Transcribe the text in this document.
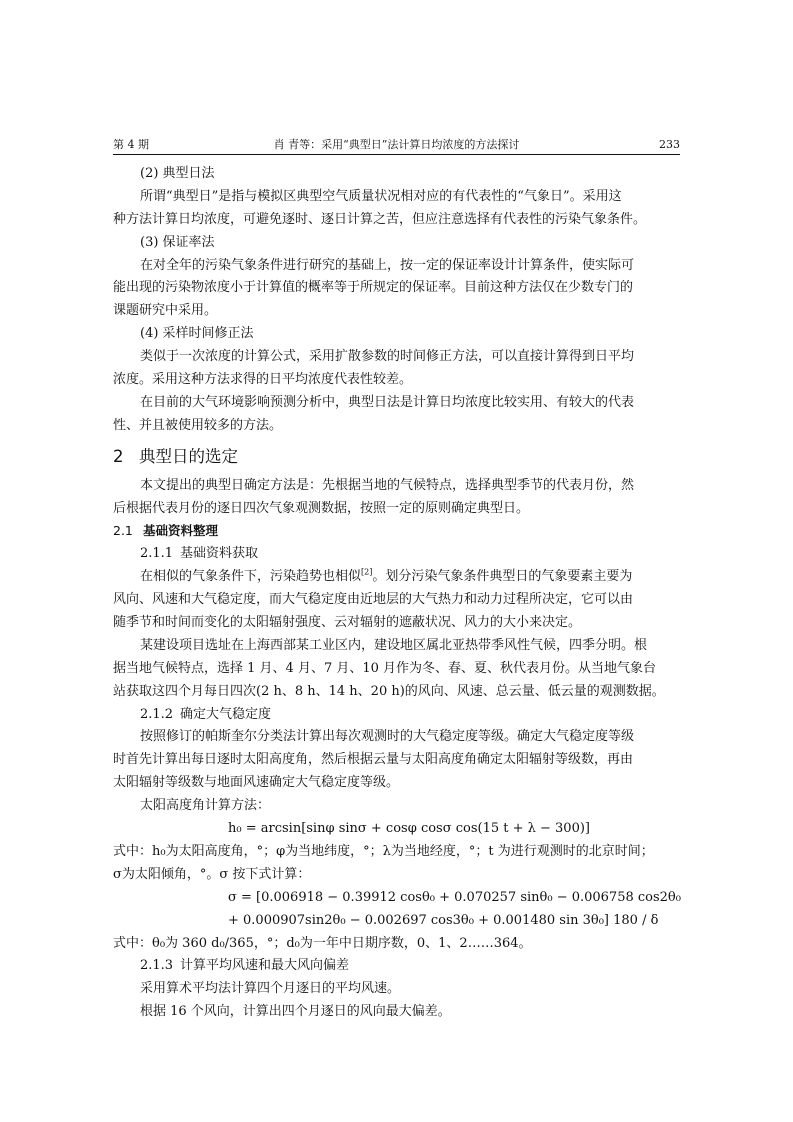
第 4 期	肖 青等：采用“典型日”法计算日均浓度的方法探讨	233
(2) 典型日法
所谓“典型日”是指与模拟区典型空气质量状况相对应的有代表性的“气象日”。采用这
种方法计算日均浓度，可避免逐时、逐日计算之苦，但应注意选择有代表性的污染气象条件。
(3) 保证率法
在对全年的污染气象条件进行研究的基础上，按一定的保证率设计计算条件，使实际可
能出现的污染物浓度小于计算值的概率等于所规定的保证率。目前这种方法仅在少数专门的
课题研究中采用。
(4) 采样时间修正法
类似于一次浓度的计算公式，采用扩散参数的时间修正方法，可以直接计算得到日平均
浓度。采用这种方法求得的日平均浓度代表性较差。
在目前的大气环境影响预测分析中，典型日法是计算日均浓度比较实用、有较大的代表
性、并且被使用较多的方法。
2 典型日的选定
本文提出的典型日确定方法是：先根据当地的气候特点，选择典型季节的代表月份，然
后根据代表月份的逐日四次气象观测数据，按照一定的原则确定典型日。
2.1 基础资料整理
2.1.1 基础资料获取
在相似的气象条件下，污染趋势也相似[2]。划分污染气象条件典型日的气象要素主要为
风向、风速和大气稳定度，而大气稳定度由近地层的大气热力和动力过程所决定，它可以由
随季节和时间而变化的太阳辐射强度、云对辐射的遮蔽状况、风力的大小来决定。
某建设项目选址在上海西部某工业区内，建设地区属北亚热带季风性气候，四季分明。根
据当地气候特点，选择 1 月、4 月、7 月、10 月作为冬、春、夏、秋代表月份。从当地气象台
站获取这四个月每日四次(2 h、8 h、14 h、20 h)的风向、风速、总云量、低云量的观测数据。
2.1.2 确定大气稳定度
按照修订的帕斯奎尔分类法计算出每次观测时的大气稳定度等级。确定大气稳定度等级
时首先计算出每日逐时太阳高度角，然后根据云量与太阳高度角确定太阳辐射等级数，再由
太阳辐射等级数与地面风速确定大气稳定度等级。
太阳高度角计算方法：
h₀ = arcsin[sinφ sinσ + cosφ cosσ cos(15 t + λ − 300)]
式中：h₀为太阳高度角，°；φ为当地纬度，°；λ为当地经度，°；t 为进行观测时的北京时间；
σ为太阳倾角，°。σ 按下式计算：
σ = [0.006918 − 0.39912 cosθ₀ + 0.070257 sinθ₀ − 0.006758 cos2θ₀
+ 0.000907sin2θ₀ − 0.002697 cos3θ₀ + 0.001480 sin 3θ₀] 180 / δ
式中：θ₀为 360 d₀/365，°；d₀为一年中日期序数，0、1、2……364。
2.1.3 计算平均风速和最大风向偏差
采用算术平均法计算四个月逐日的平均风速。
根据 16 个风向，计算出四个月逐日的风向最大偏差。
